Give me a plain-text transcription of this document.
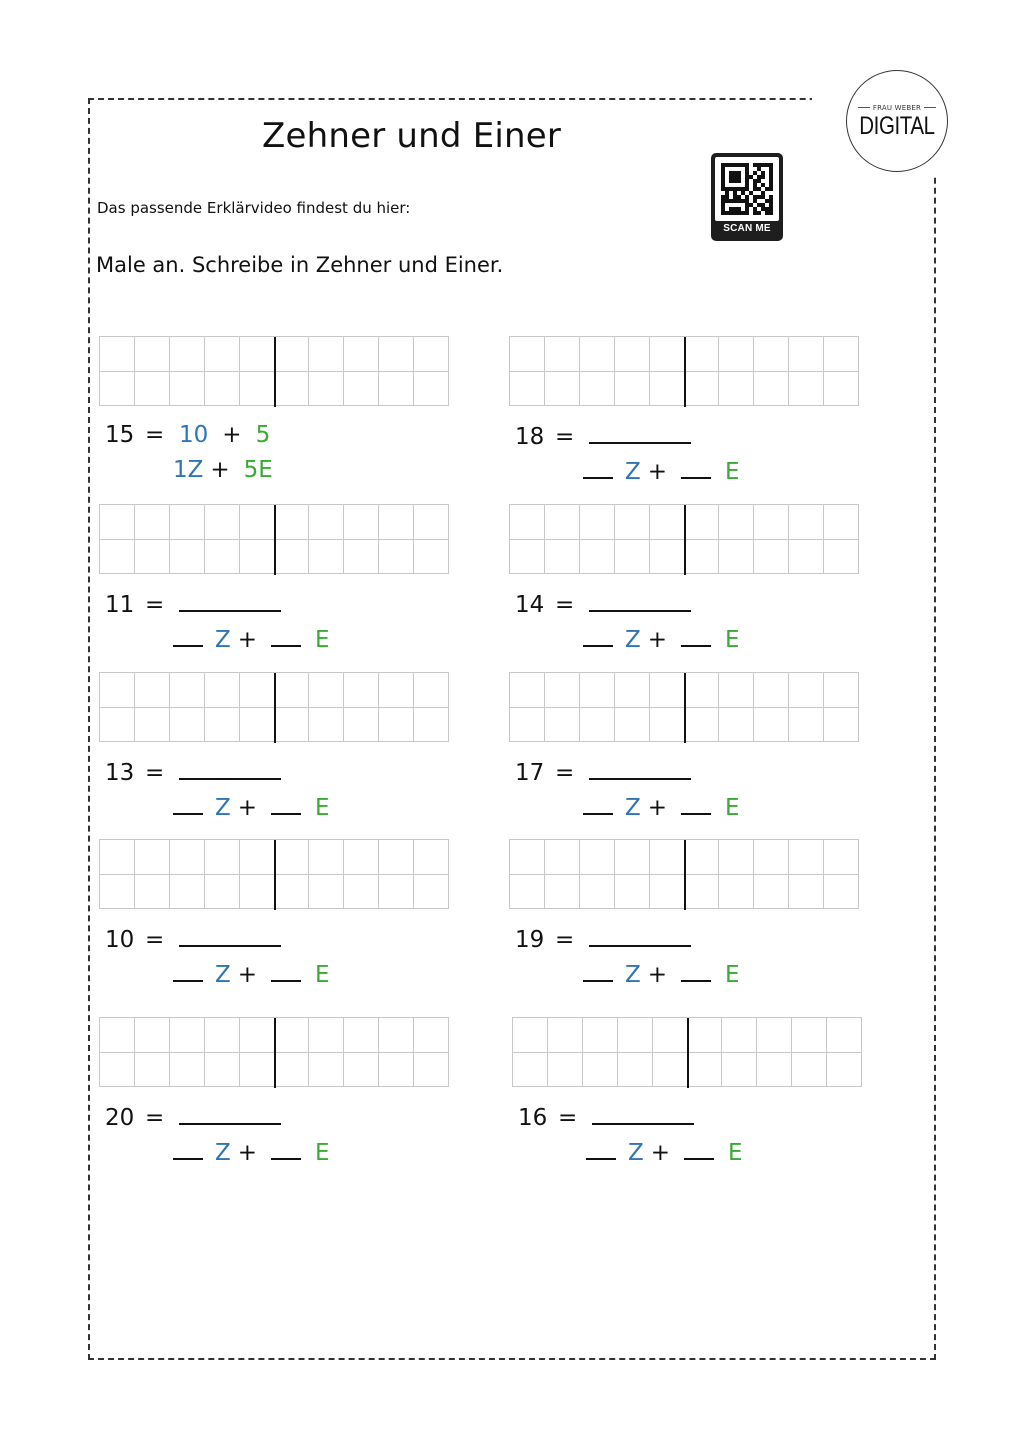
FRAU WEBER
DIGITAL
Zehner und Einer
Das passende Erklärvideo findest du hier:
SCAN ME
Male an. Schreibe in Zehner und Einer.
15 = 10 + 5
1Z + 5E
18 =
Z +	E
11 =
Z +	E
14 =
Z +	E
13 =
Z +	E
17 =
Z +	E
10 =
Z +	E
19 =
Z +	E
20 =
Z +	E
16 =
Z +	E
